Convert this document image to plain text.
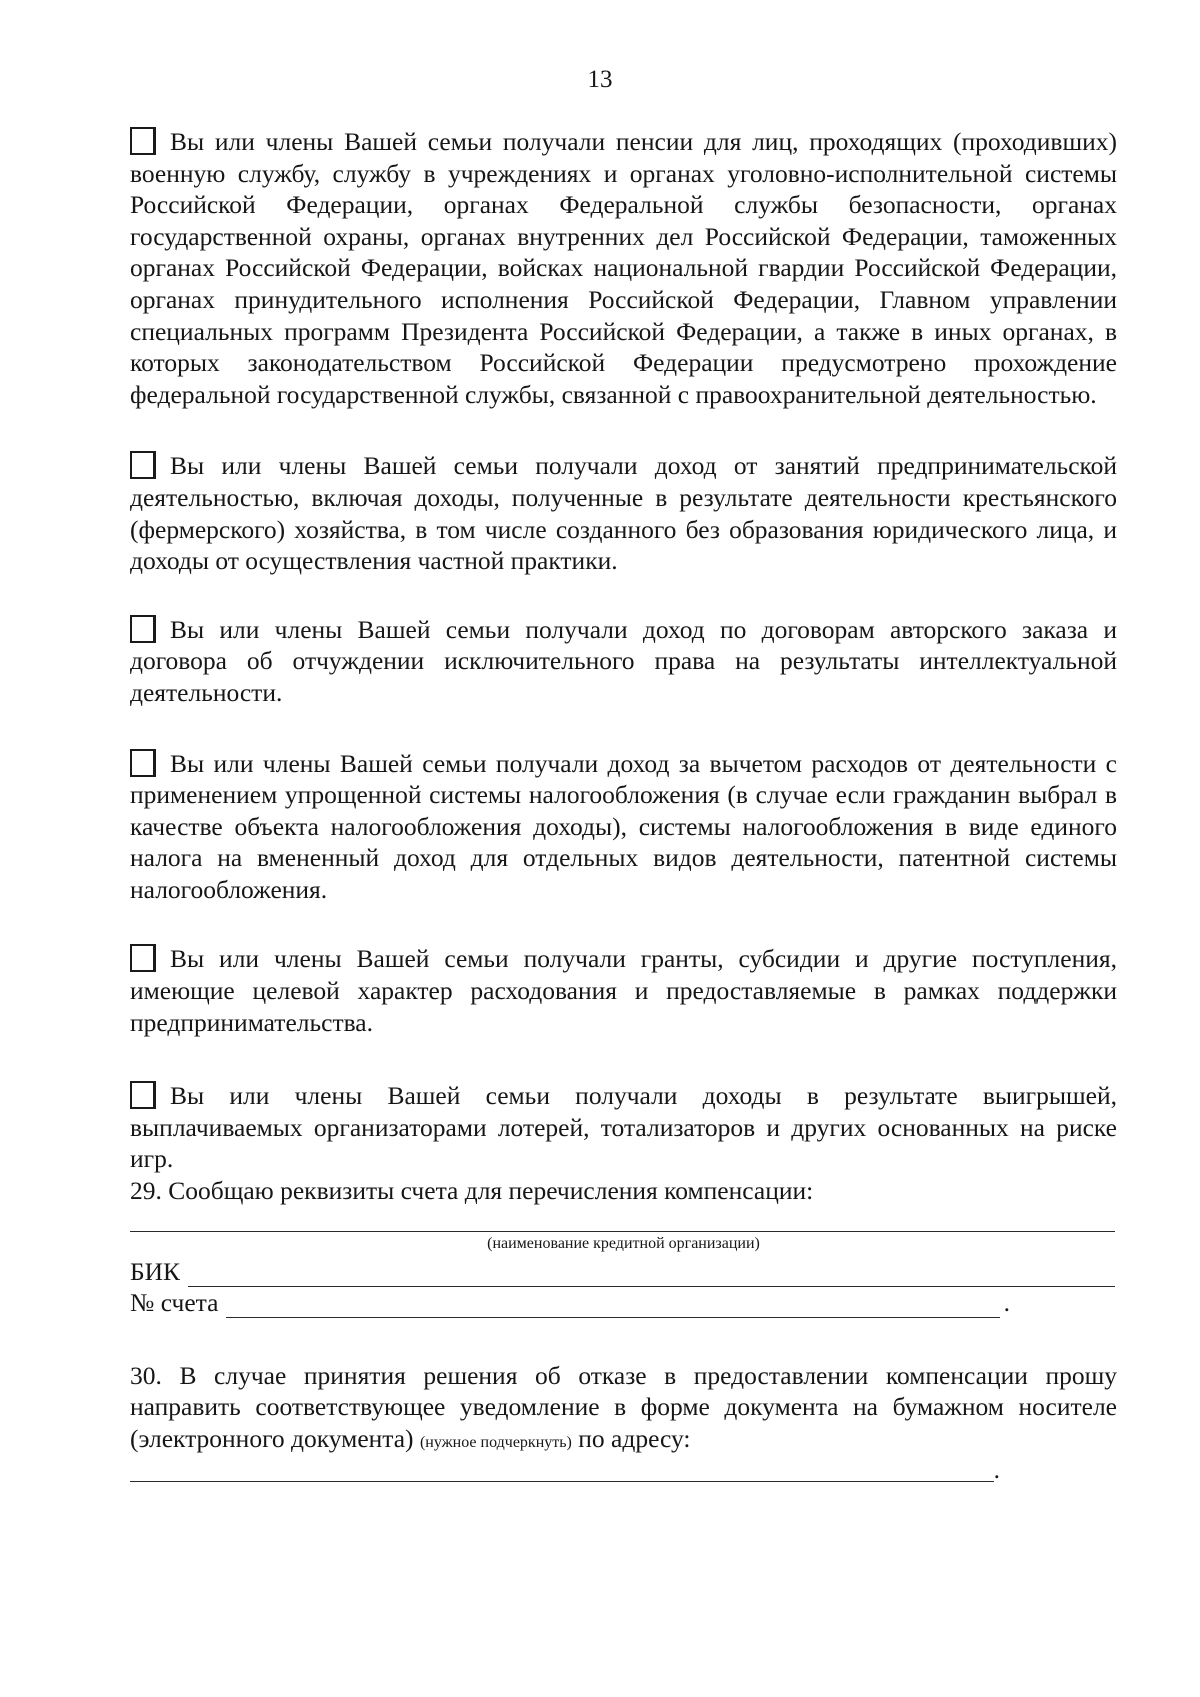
13

Вы или члены Вашей семьи получали пенсии для лиц, проходящих (проходивших) военную службу, службу в учреждениях и органах уголовно-исполнительной системы Российской Федерации, органах Федеральной службы безопасности, органах государственной охраны, органах внутренних дел Российской Федерации, таможенных органах Российской Федерации, войсках национальной гвардии Российской Федерации, органах принудительного исполнения Российской Федерации, Главном управлении специальных программ Президента Российской Федерации, а также в иных органах, в которых законодательством Российской Федерации предусмотрено прохождение федеральной государственной службы, связанной с правоохранительной деятельностью.

Вы или члены Вашей семьи получали доход от занятий предпринимательской деятельностью, включая доходы, полученные в результате деятельности крестьянского (фермерского) хозяйства, в том числе созданного без образования юридического лица, и доходы от осуществления частной практики.

Вы или члены Вашей семьи получали доход по договорам авторского заказа и договора об отчуждении исключительного права на результаты интеллектуальной деятельности.

Вы или члены Вашей семьи получали доход за вычетом расходов от деятельности с применением упрощенной системы налогообложения (в случае если гражданин выбрал в качестве объекта налогообложения доходы), системы налогообложения в виде единого налога на вмененный доход для отдельных видов деятельности, патентной системы налогообложения.

Вы или члены Вашей семьи получали гранты, субсидии и другие поступления, имеющие целевой характер расходования и предоставляемые в рамках поддержки предпринимательства.

Вы или члены Вашей семьи получали доходы в результате выигрышей, выплачиваемых организаторами лотерей, тотализаторов и других основанных на риске игр.

29. Сообщаю реквизиты счета для перечисления компенсации:

(наименование кредитной организации)
БИК
№ счета	.

30. В случае принятия решения об отказе в предоставлении компенсации прошу направить соответствующее уведомление в форме документа на бумажном носителе (электронного документа) (нужное подчеркнуть) по адресу:

.
